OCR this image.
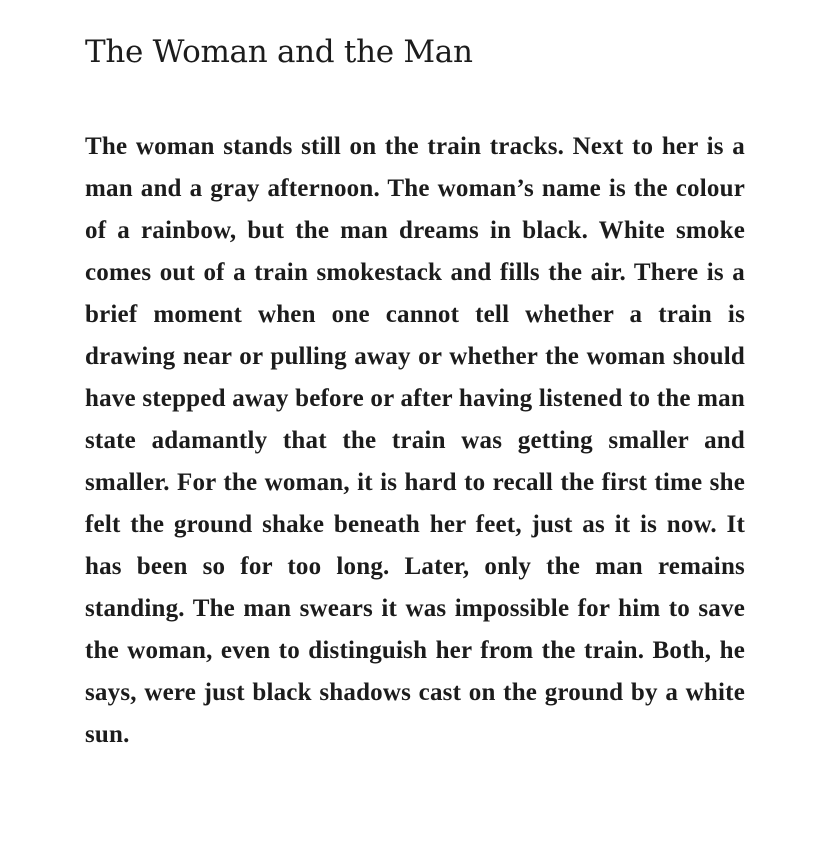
The Woman and the Man

The woman stands still on the train tracks. Next to her is a man and a gray afternoon. The woman’s name is the colour of a rainbow, but the man dreams in black. White smoke comes out of a train smokestack and fills the air. There is a brief moment when one cannot tell whether a train is drawing near or pulling away or whether the woman should have stepped away before or after having listened to the man state adamantly that the train was getting smaller and smaller. For the woman, it is hard to recall the first time she felt the ground shake beneath her feet, just as it is now. It has been so for too long. Later, only the man remains standing. The man swears it was impossible for him to save the woman, even to distinguish her from the train. Both, he says, were just black shadows cast on the ground by a white sun.
